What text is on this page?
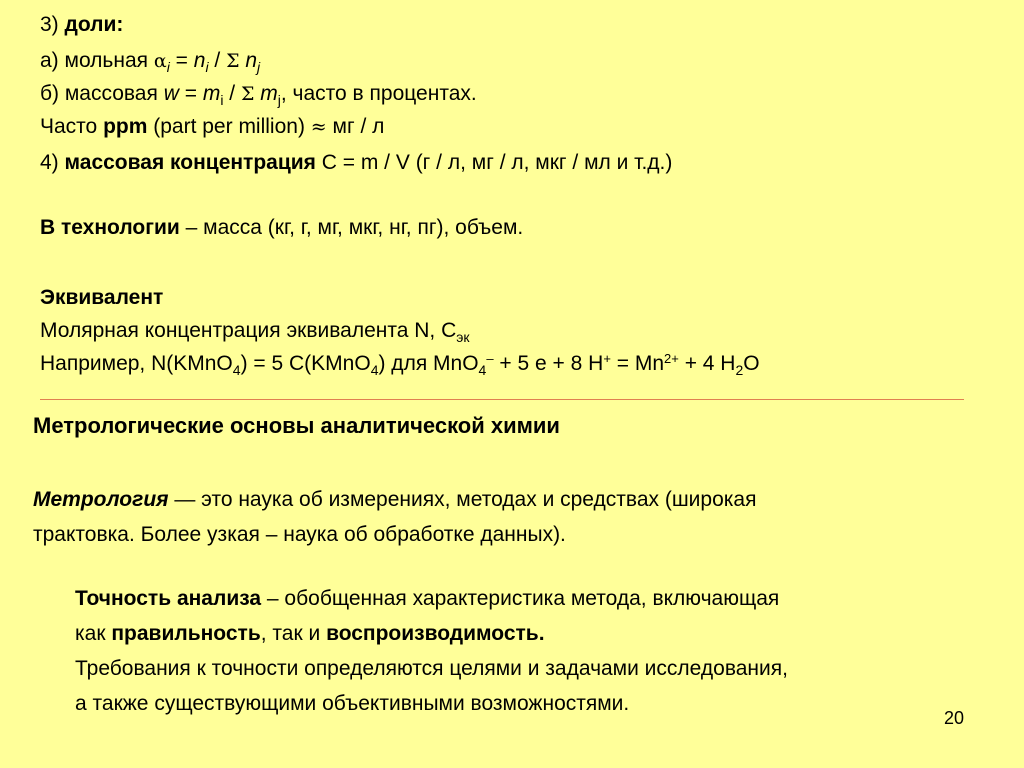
3) доли:
а) мольная $\alpha_i = n_i / \Sigma$ $n_j$
б) массовая $w = m_i / \Sigma$ $m_j$, часто в процентах.
Часто ppm (part per million) ≈ мг / л
4) массовая концентрация С = m / V (г / л, мг / л, мкг / мл и т.д.)
В технологии – масса (кг, г, мг, мкг, нг, пг), объем.
Эквивалент
Молярная концентрация эквивалента N, $С_{эк}$
Например, N(KMnO$_4$) = 5 C(KMnO$_4$) для MnO$_4$– + 5 e + 8 $H^+ = Mn^{2+} + 4$ $H_2O$
Метрологические основы аналитической химии
Метрология — это наука об измерениях, методах и средствах (широкая
трактовка. Более узкая – наука об обработке данных).
Точность анализа – обобщенная характеристика метода, включающая
как правильность, так и воспроизводимость.
Требования к точности определяются целями и задачами исследования,
а также существующими объективными возможностями.
20
